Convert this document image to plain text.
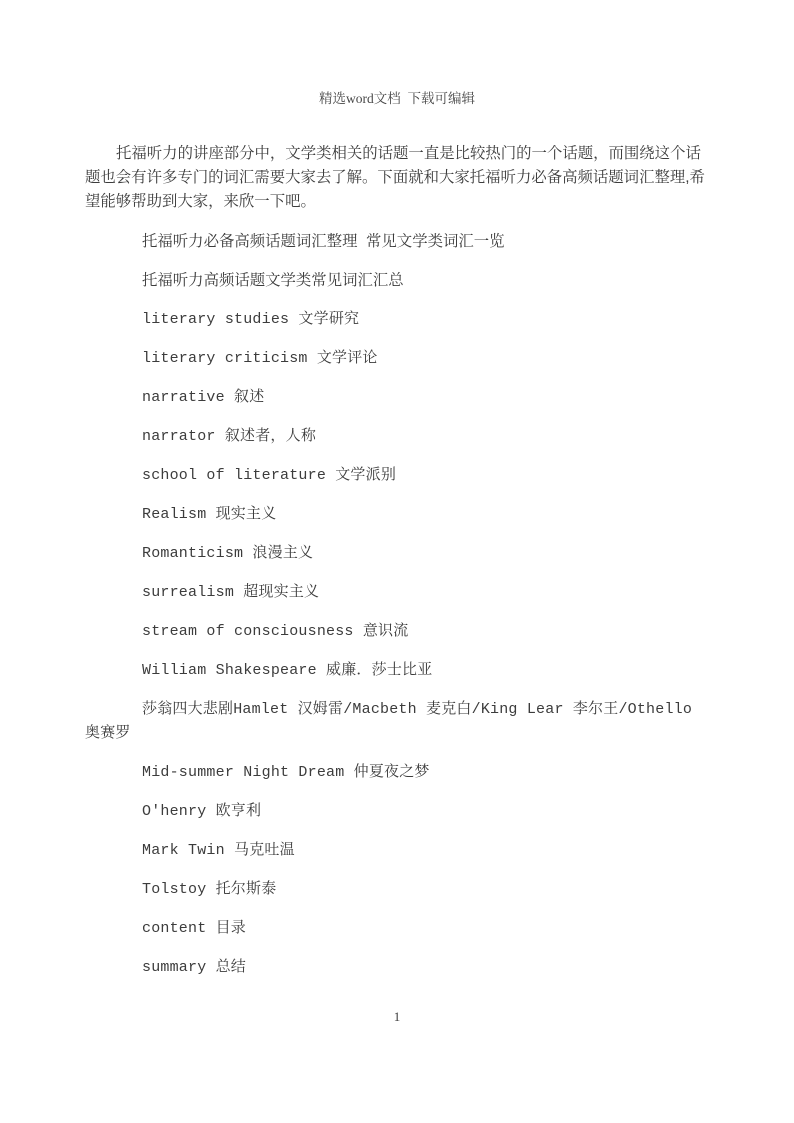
精选word文档  下载可编辑

托福听力的讲座部分中，文学类相关的话题一直是比较热门的一个话题，而围绕这个话题也会有许多专门的词汇需要大家去了解。下面就和大家托福听力必备高频话题词汇整理,希望能够帮助到大家，来欣一下吧。

托福听力必备高频话题词汇整理  常见文学类词汇一览

托福听力高频话题文学类常见词汇汇总

literary studies 文学研究

literary criticism 文学评论

narrative 叙述

narrator 叙述者，人称

school of literature 文学派别

Realism 现实主义

Romanticism 浪漫主义

surrealism 超现实主义

stream of consciousness 意识流

William Shakespeare 威廉．莎士比亚

莎翁四大悲剧Hamlet 汉姆雷/Macbeth 麦克白/King Lear 李尔王/Othello 奥赛罗

Mid-summer Night Dream 仲夏夜之梦

O'henry 欧亨利

Mark Twin 马克吐温

Tolstoy 托尔斯泰

content 目录

summary 总结

1
